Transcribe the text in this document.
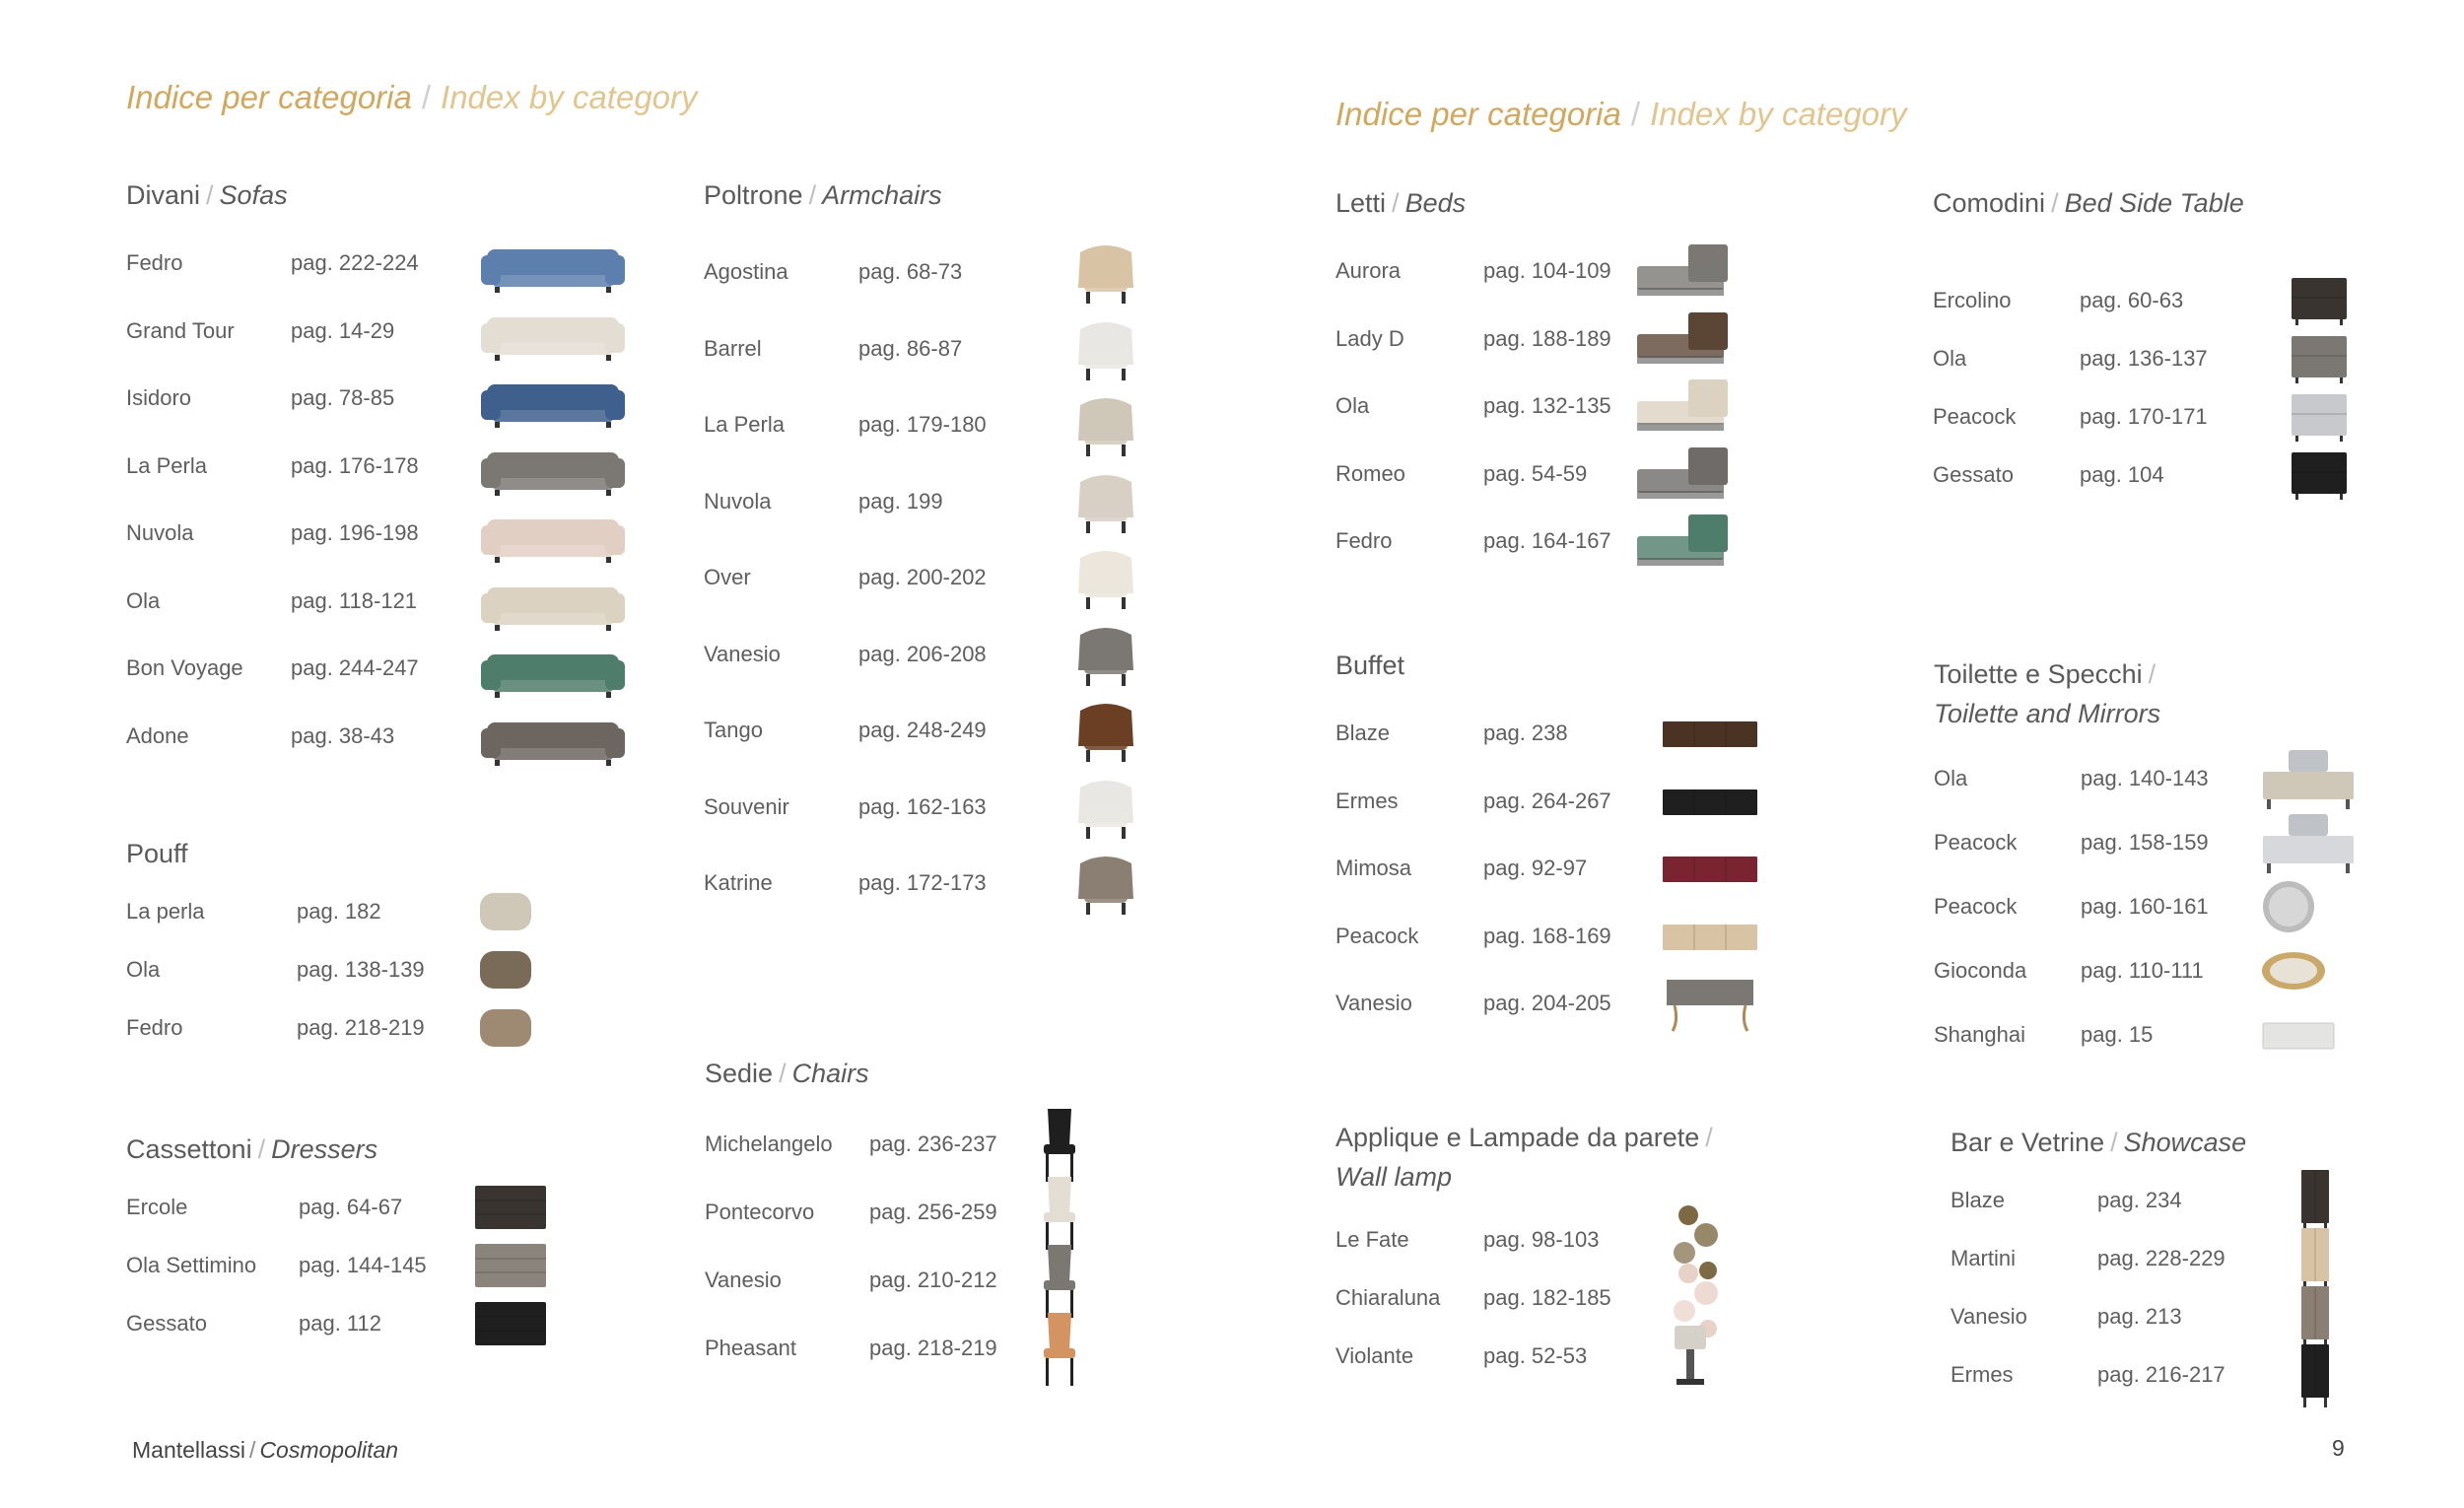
Indice per categoria / Index by category	Indice per categoria / Index by category
Divani / Sofas
Fedro	pag. 222-224
Grand Tour	pag. 14-29
Isidoro	pag. 78-85
La Perla	pag. 176-178
Nuvola	pag. 196-198
Ola	pag. 118-121
Bon Voyage pag. 244-247
Adone	pag. 38-43
Pouff
La perla	pag. 182
Ola	pag. 138-139
Fedro	pag. 218-219
Cassettoni / Dressers
Ercole	pag. 64-67
Ola Settimino pag. 144-145
Gessato	pag. 112
Poltrone / Armchairs
Agostina	pag. 68-73
Barrel	pag. 86-87
La Perla	pag. 179-180
Nuvola	pag. 199
Over	pag. 200-202
Vanesio	pag. 206-208
Tango	pag. 248-249
Souvenir	pag. 162-163
Katrine	pag. 172-173
Sedie / Chairs
Michelangelo pag. 236-237
Pontecorvo	pag. 256-259
Vanesio	pag. 210-212
Pheasant	pag. 218-219
Letti / Beds
Aurora	pag. 104-109
Lady D	pag. 188-189
Ola	pag. 132-135
Romeo	pag. 54-59
Fedro	pag. 164-167
Buffet
Blaze	pag. 238
Ermes	pag. 264-267
Mimosa	pag. 92-97
Peacock	pag. 168-169
Vanesio	pag. 204-205
Applique e Lampade da parete /
Wall lamp
Le Fate	pag. 98-103
Chiaraluna pag. 182-185
Violante	pag. 52-53
Comodini / Bed Side Table
Ercolino	pag. 60-63
Ola	pag. 136-137
Peacock	pag. 170-171
Gessato	pag. 104
Toilette e Specchi /
Toilette and Mirrors
Ola	pag. 140-143
Peacock	pag. 158-159
Peacock	pag. 160-161
Gioconda pag. 110-111
Shanghai	pag. 15
Bar e Vetrine / Showcase
Blaze	pag. 234
Martini	pag. 228-229
Vanesio	pag. 213
Ermes	pag. 216-217
Mantellassi / Cosmopolitan	9
